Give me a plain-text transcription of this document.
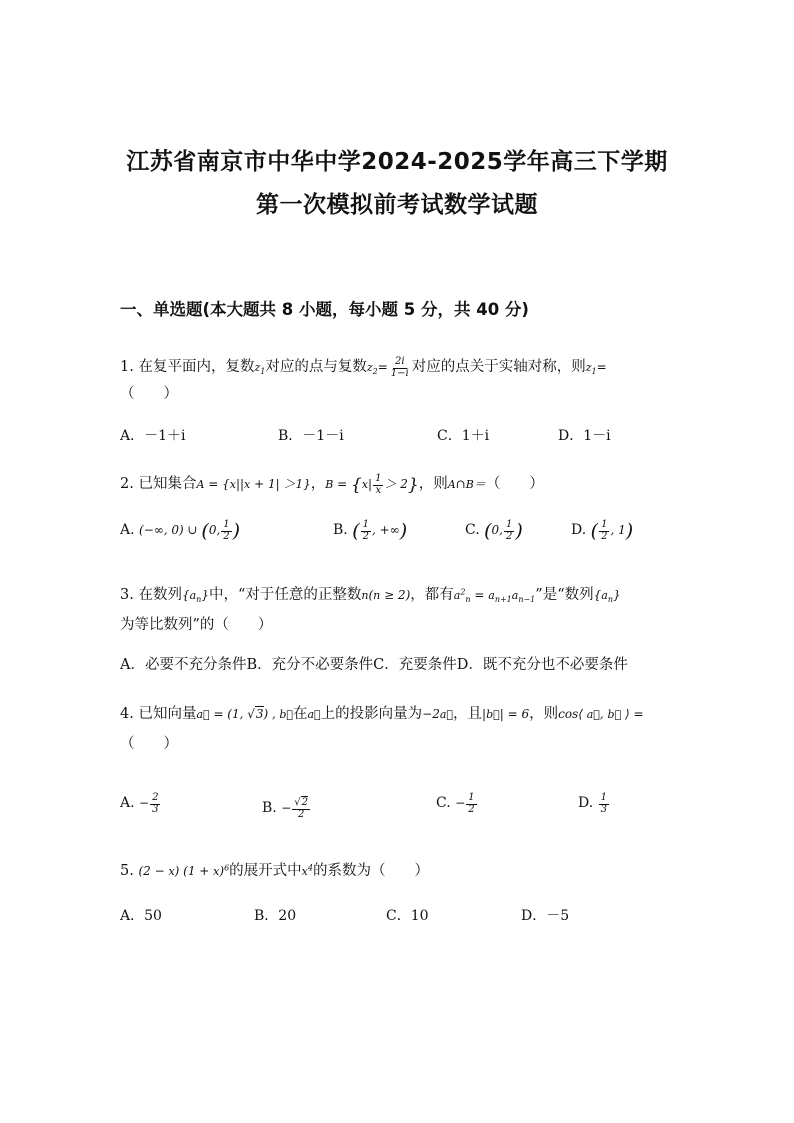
江苏省南京市中华中学2024-2025学年高三下学期
第一次模拟前考试数学试题
一、单选题(本大题共 8 小题，每小题 5 分，共 40 分)
1. 在复平面内，复数$z_1$对应的点与复数$z_2= \frac{2i}{1-i}$ 对应的点关于实轴对称，则$z_1=$
（　　）
A．－1＋i	B．－1－i	C．1＋i	D．1－i
2. 已知集合A = {x||x + 1| ＞1}，$B = \{x| \frac{1}{x} > 2\}$，则A∩B＝（　　）
A. (−∞, 0) ∪ (0, $\frac{1}{2}$ )	B. ( $\frac{1}{2}$ , +∞)	C. (0, $\frac{1}{2}$ )	D. ( $\frac{1}{2}$ , 1)
3. 在数列$\{a_n\}$中，“对于任意的正整数n(n ≥ 2)，都有$a^2_n = a_{n+1}a_{n-1}$”是“数列$\{a_n\}$
为等比数列”的（　　）
A．必要不充分条件B．充分不必要条件C．充要条件D．既不充分也不必要条件
4. 已知向量a⃗ = (1, √3) , b⃗在a⃗上的投影向量为−2a⃗，且|b⃗| = 6，则cos⟨ a⃗, b⃗ ⟩ =
（　　）
A. − $\frac{2}{3}$	B. − $\frac{√2}{2}$	C. − $\frac{1}{2}$	D. $\frac{1}{3}$
5. (2 − x) $(1 + x)^6$的展开式中$x^4$的系数为（　　）
A．50	B．20	C．10	D．－5
